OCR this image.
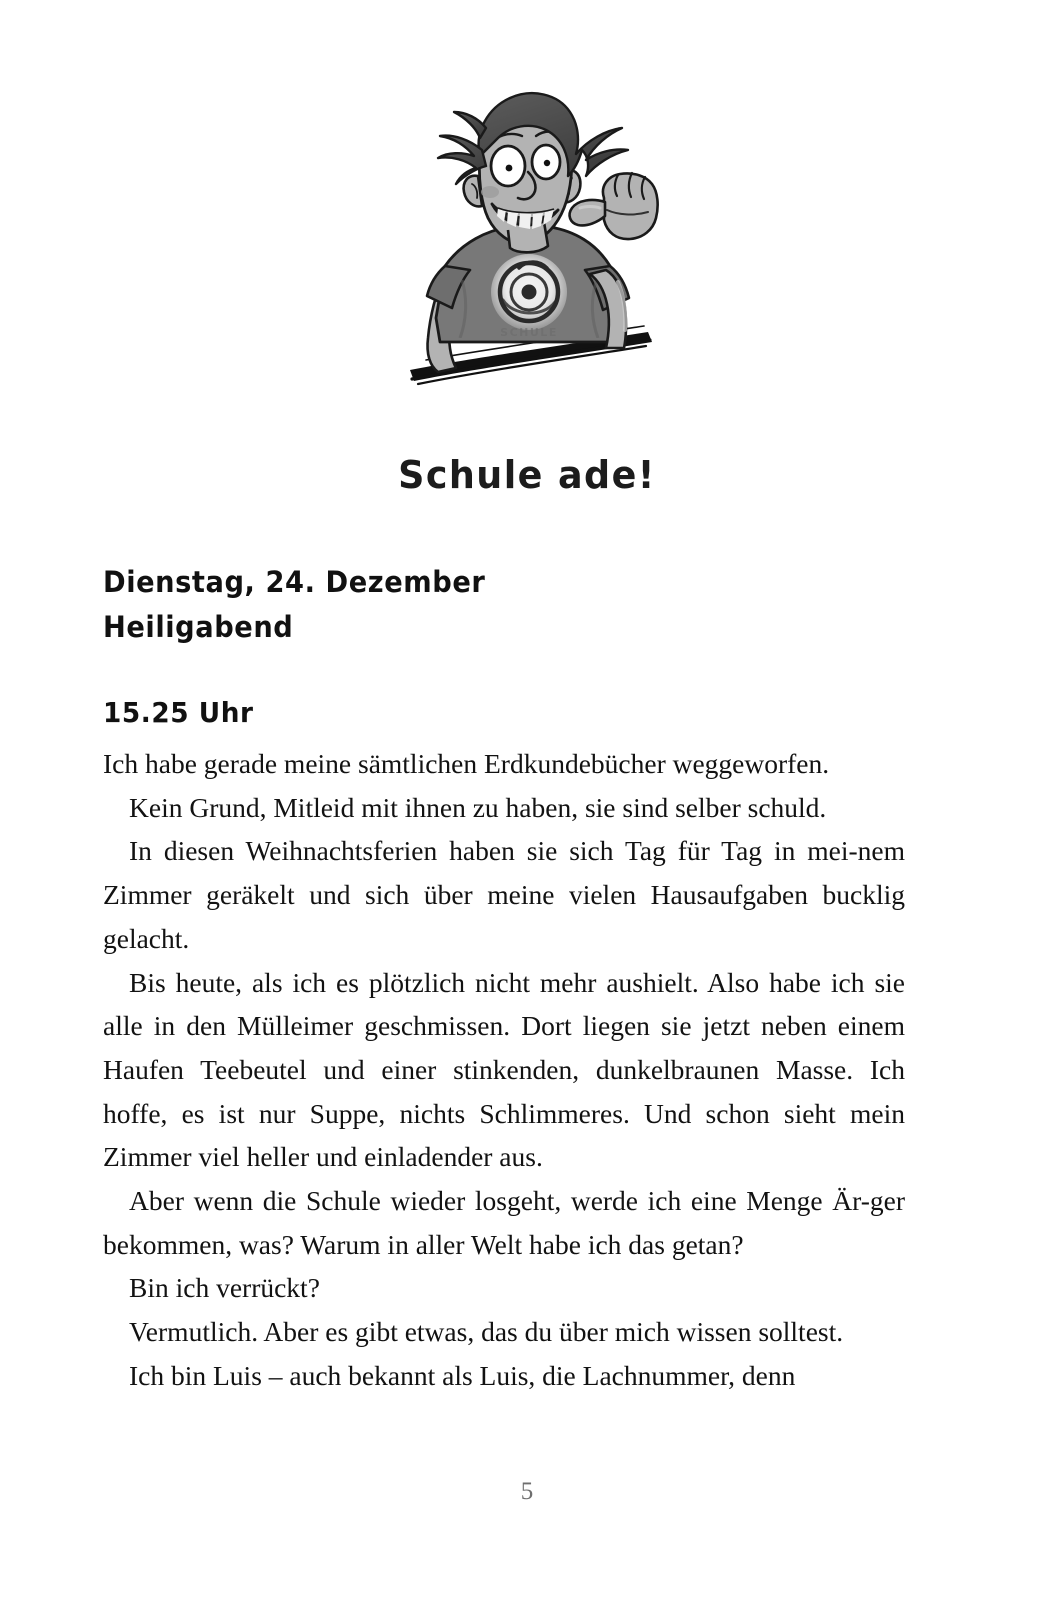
SCHULE
Schule ade!
Dienstag, 24. Dezember
Heiligabend
15.25 Uhr

Ich habe gerade meine sämtlichen Erdkundebücher weggeworfen.

Kein Grund, Mitleid mit ihnen zu haben, sie sind selber schuld.

In diesen Weihnachtsferien haben sie sich Tag für Tag in mei-nem Zimmer geräkelt und sich über meine vielen Hausaufgaben bucklig gelacht.

Bis heute, als ich es plötzlich nicht mehr aushielt. Also habe ich sie alle in den Mülleimer geschmissen. Dort liegen sie jetzt neben einem Haufen Teebeutel und einer stinkenden, dunkelbraunen Masse. Ich hoffe, es ist nur Suppe, nichts Schlimmeres. Und schon sieht mein Zimmer viel heller und einladender aus.

Aber wenn die Schule wieder losgeht, werde ich eine Menge Är-ger bekommen, was? Warum in aller Welt habe ich das getan?

Bin ich verrückt?

Vermutlich. Aber es gibt etwas, das du über mich wissen solltest.

Ich bin Luis – auch bekannt als Luis, die Lachnummer, denn

5
